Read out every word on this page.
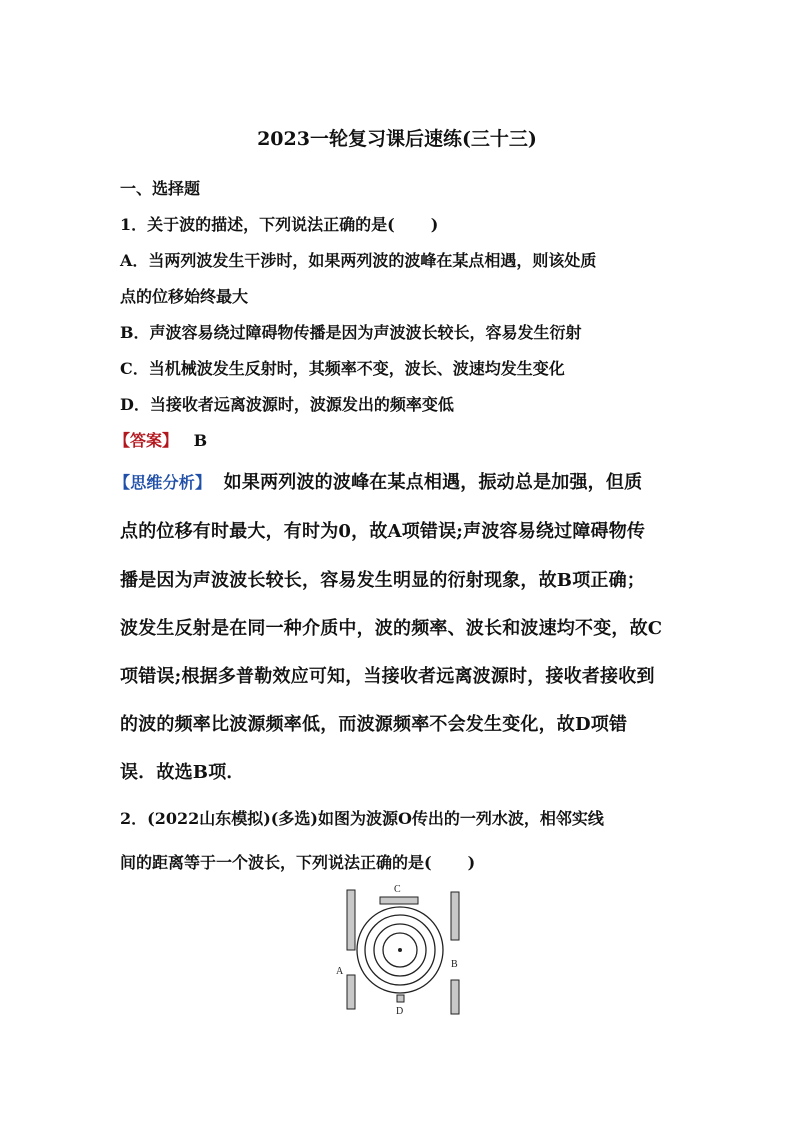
2023一轮复习课后速练(三十三)
一、选择题
1．关于波的描述，下列说法正确的是( )
A．当两列波发生干涉时，如果两列波的波峰在某点相遇，则该处质
点的位移始终最大
B．声波容易绕过障碍物传播是因为声波波长较长，容易发生衍射
C．当机械波发生反射时，其频率不变，波长、波速均发生变化
D．当接收者远离波源时，波源发出的频率变低
【答案】 B
【思维分析】 如果两列波的波峰在某点相遇，振动总是加强，但质
点的位移有时最大，有时为0，故A项错误;声波容易绕过障碍物传
播是因为声波波长较长，容易发生明显的衍射现象，故B项正确；
波发生反射是在同一种介质中，波的频率、波长和波速均不变，故C
项错误;根据多普勒效应可知，当接收者远离波源时，接收者接收到
的波的频率比波源频率低，而波源频率不会发生变化，故D项错
误．故选B项．
2．(2022山东模拟)(多选)如图为波源O传出的一列水波，相邻实线
间的距离等于一个波长，下列说法正确的是( )
C
A
B
D
